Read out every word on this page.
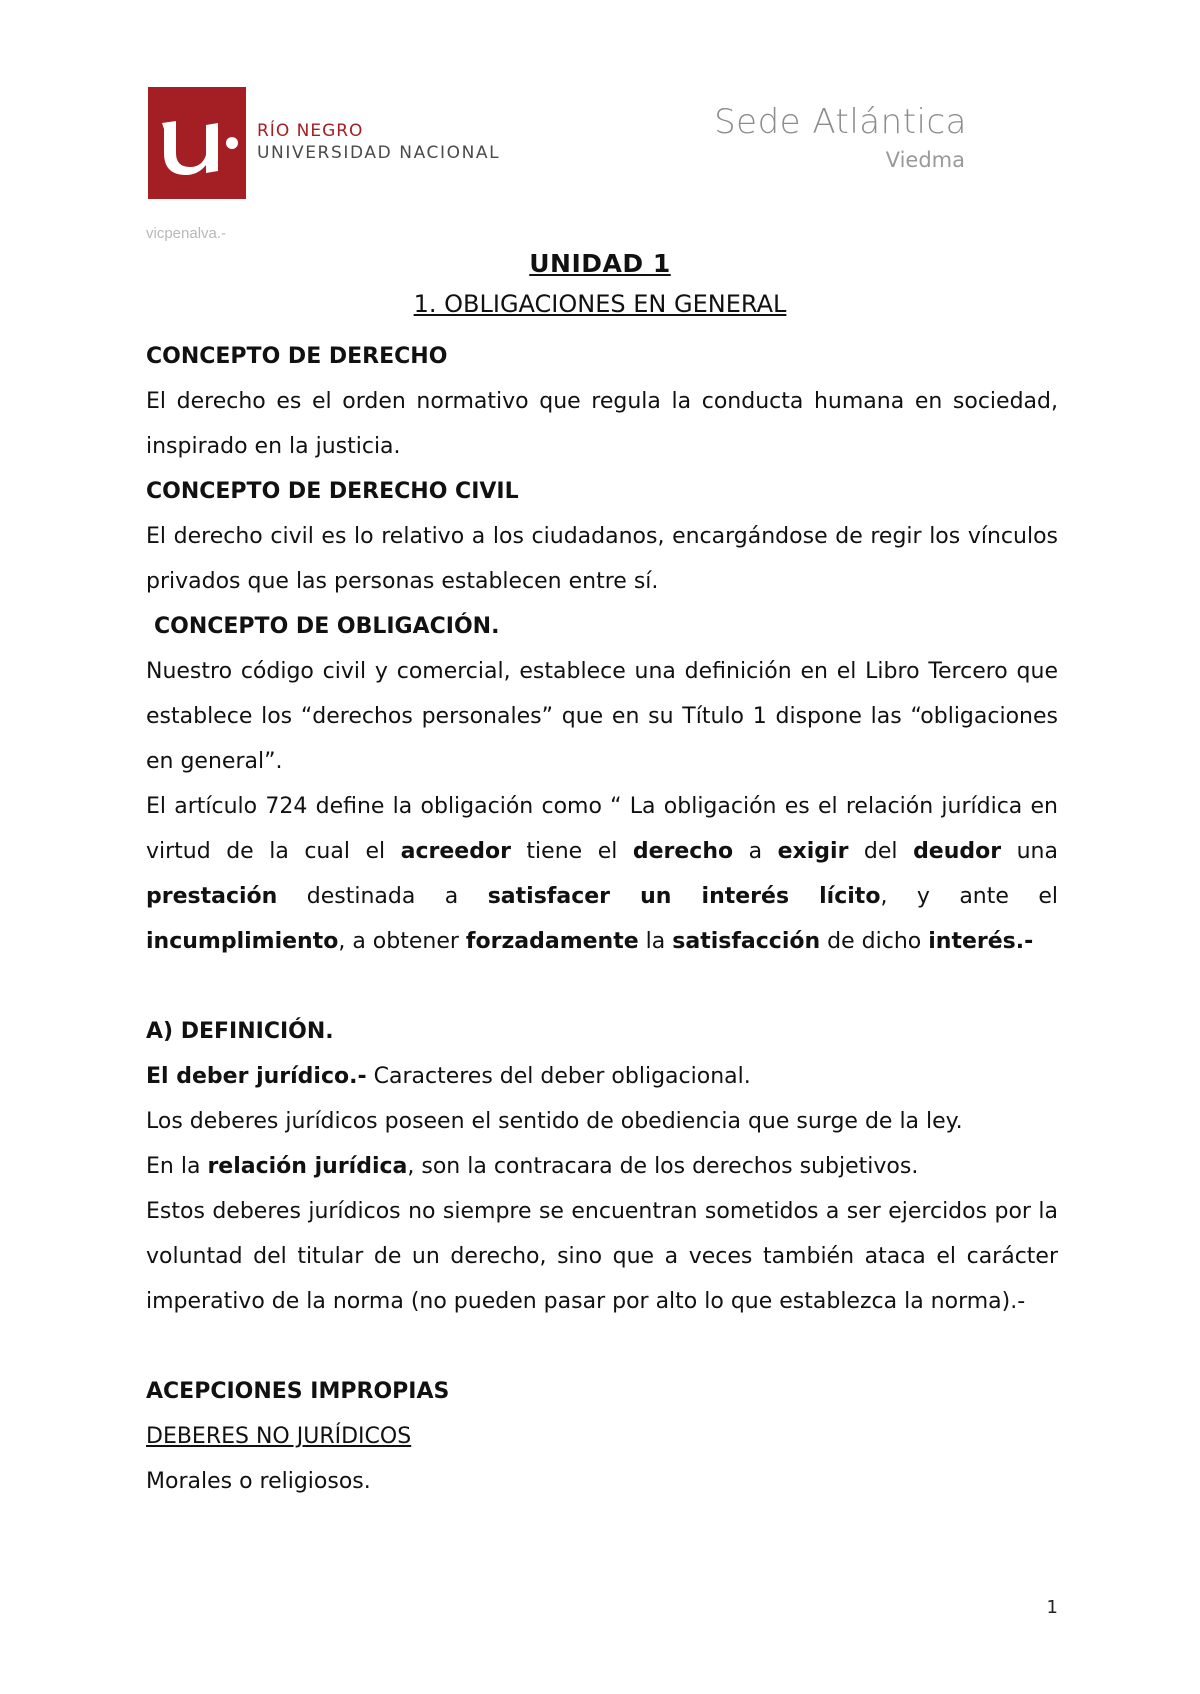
RÍO NEGRO
UNIVERSIDAD NACIONAL
Sede Atlántica
Viedma
vicpenalva.-
UNIDAD 1
1. OBLIGACIONES EN GENERAL

CONCEPTO DE DERECHO

El derecho es el orden normativo que regula la conducta humana en sociedad, inspirado en la justicia.

CONCEPTO DE DERECHO CIVIL

El derecho civil es lo relativo a los ciudadanos, encargándose de regir los vínculos privados que las personas establecen entre sí.

CONCEPTO DE OBLIGACIÓN.

Nuestro código civil y comercial, establece una definición en el Libro Tercero que establece los “derechos personales” que en su Título 1 dispone las “obligaciones en general”.

El artículo 724 define la obligación como “ La obligación es el relación jurídica en virtud de la cual el acreedor tiene el derecho a exigir del deudor una prestación destinada a satisfacer un interés lícito, y ante el incumplimiento, a obtener forzadamente la satisfacción de dicho interés.-

A) DEFINICIÓN.

El deber jurídico.- Caracteres del deber obligacional.

Los deberes jurídicos poseen el sentido de obediencia que surge de la ley.

En la relación jurídica, son la contracara de los derechos subjetivos.

Estos deberes jurídicos no siempre se encuentran sometidos a ser ejercidos por la voluntad del titular de un derecho, sino que a veces también ataca el carácter imperativo de la norma (no pueden pasar por alto lo que establezca la norma).-

ACEPCIONES IMPROPIAS

DEBERES NO JURÍDICOS

Morales o religiosos.

1
